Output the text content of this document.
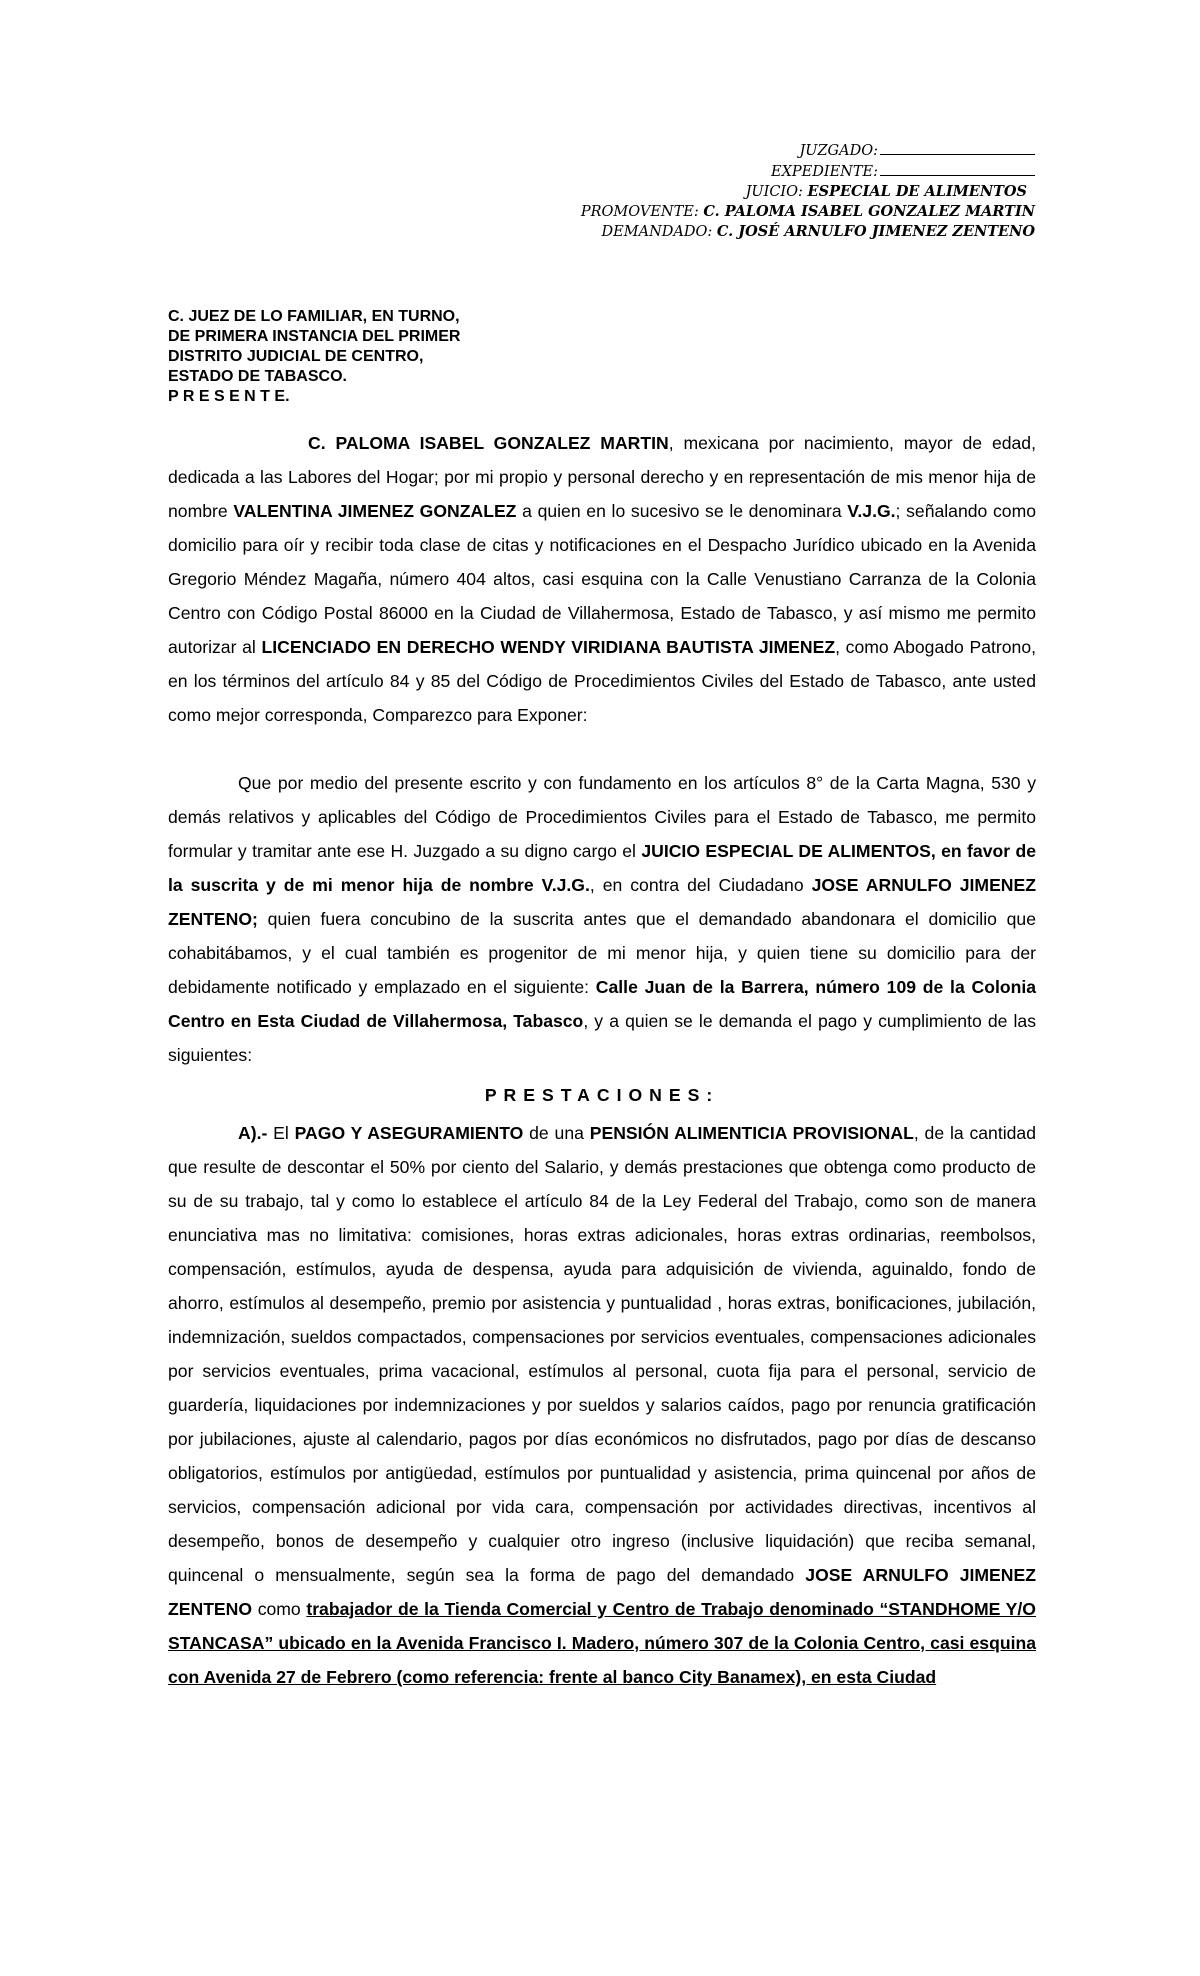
JUZGADO:
EXPEDIENTE:
JUICIO: ESPECIAL DE ALIMENTOS
PROMOVENTE: C. PALOMA ISABEL GONZALEZ MARTIN
DEMANDADO: C. JOSÉ ARNULFO JIMENEZ ZENTENO
C. JUEZ DE LO FAMILIAR, EN TURNO,
DE PRIMERA INSTANCIA DEL PRIMER
DISTRITO JUDICIAL DE CENTRO,
ESTADO DE TABASCO.
P R E S E N T E.

C. PALOMA ISABEL GONZALEZ MARTIN, mexicana por nacimiento, mayor de edad, dedicada a las Labores del Hogar; por mi propio y personal derecho y en representación de mis menor hija de nombre VALENTINA JIMENEZ GONZALEZ a quien en lo sucesivo se le denominara V.J.G.; señalando como domicilio para oír y recibir toda clase de citas y notificaciones en el Despacho Jurídico ubicado en la Avenida Gregorio Méndez Magaña, número 404 altos, casi esquina con la Calle Venustiano Carranza de la Colonia Centro con Código Postal 86000 en la Ciudad de Villahermosa, Estado de Tabasco, y así mismo me permito autorizar al LICENCIADO EN DERECHO WENDY VIRIDIANA BAUTISTA JIMENEZ, como Abogado Patrono, en los términos del artículo 84 y 85 del Código de Procedimientos Civiles del Estado de Tabasco, ante usted como mejor corresponda, Comparezco para Exponer:

Que por medio del presente escrito y con fundamento en los artículos 8° de la Carta Magna, 530 y demás relativos y aplicables del Código de Procedimientos Civiles para el Estado de Tabasco, me permito formular y tramitar ante ese H. Juzgado a su digno cargo el JUICIO ESPECIAL DE ALIMENTOS, en favor de la suscrita y de mi menor hija de nombre V.J.G., en contra del Ciudadano JOSE ARNULFO JIMENEZ ZENTENO; quien fuera concubino de la suscrita antes que el demandado abandonara el domicilio que cohabitábamos, y el cual también es progenitor de mi menor hija, y quien tiene su domicilio para der debidamente notificado y emplazado en el siguiente: Calle Juan de la Barrera, número 109 de la Colonia Centro en Esta Ciudad de Villahermosa, Tabasco, y a quien se le demanda el pago y cumplimiento de las siguientes:

PRESTACIONES:

A).- El PAGO Y ASEGURAMIENTO de una PENSIÓN ALIMENTICIA PROVISIONAL, de la cantidad que resulte de descontar el 50% por ciento del Salario, y demás prestaciones que obtenga como producto de su de su trabajo, tal y como lo establece el artículo 84 de la Ley Federal del Trabajo, como son de manera enunciativa mas no limitativa: comisiones, horas extras adicionales, horas extras ordinarias, reembolsos, compensación, estímulos, ayuda de despensa, ayuda para adquisición de vivienda, aguinaldo, fondo de ahorro, estímulos al desempeño, premio por asistencia y puntualidad , horas extras, bonificaciones, jubilación, indemnización, sueldos compactados, compensaciones por servicios eventuales, compensaciones adicionales por servicios eventuales, prima vacacional, estímulos al personal, cuota fija para el personal, servicio de guardería, liquidaciones por indemnizaciones y por sueldos y salarios caídos, pago por renuncia gratificación por jubilaciones, ajuste al calendario, pagos por días económicos no disfrutados, pago por días de descanso obligatorios, estímulos por antigüedad, estímulos por puntualidad y asistencia, prima quincenal por años de servicios, compensación adicional por vida cara, compensación por actividades directivas, incentivos al desempeño, bonos de desempeño y cualquier otro ingreso (inclusive liquidación) que reciba semanal, quincenal o mensualmente, según sea la forma de pago del demandado JOSE ARNULFO JIMENEZ ZENTENO como trabajador de la Tienda Comercial y Centro de Trabajo denominado “STANDHOME Y/O STANCASA” ubicado en la Avenida Francisco I. Madero, número 307 de la Colonia Centro, casi esquina con Avenida 27 de Febrero (como referencia: frente al banco City Banamex), en esta Ciudad
